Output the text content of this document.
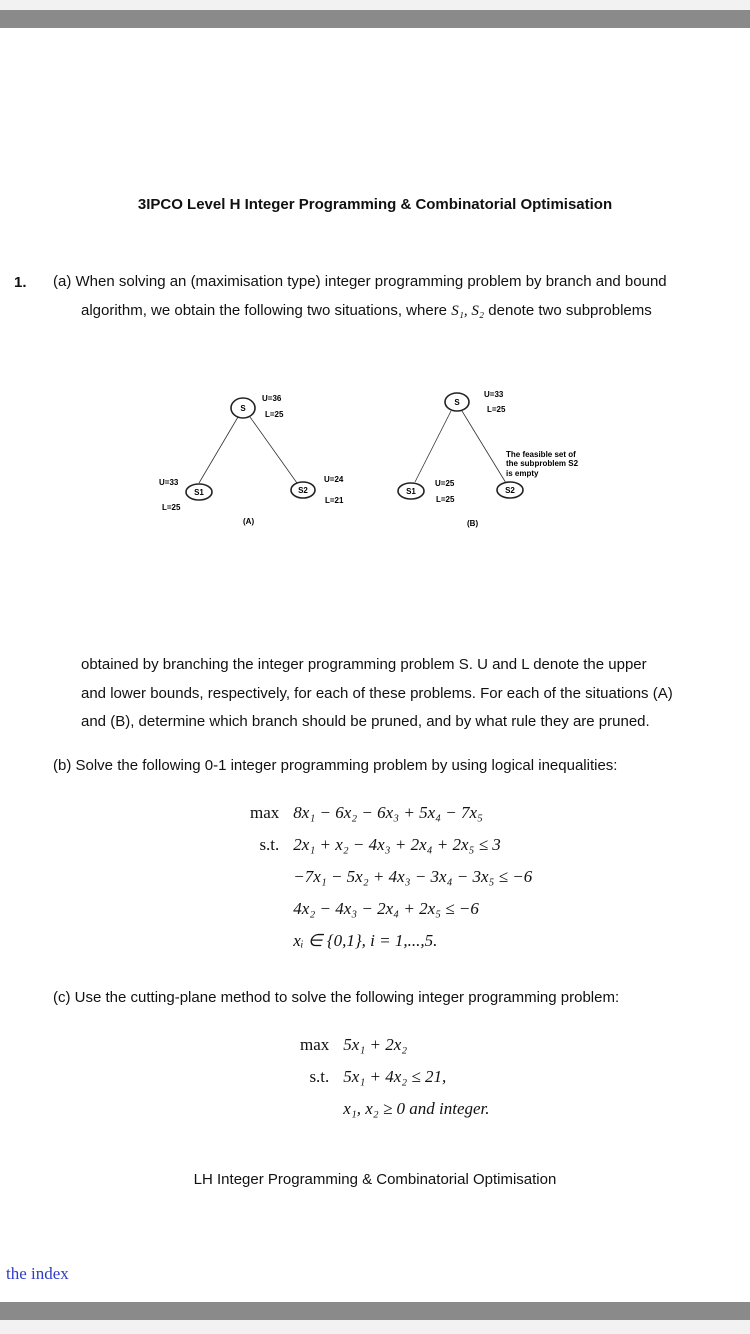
3IPCO Level H Integer Programming & Combinatorial Optimisation
1. (a) When solving an (maximisation type) integer programming problem by branch and bound
algorithm, we obtain the following two situations, where S₁, S₂ denote two subproblems
S
U=36
L=25
S1
U=33
L=25
S2
U=24
L=21
(A)
S
U=33
L=25
S1
U=25
L=25
S2
The feasible set of
the subproblem S2
is empty
(B)
obtained by branching the integer programming problem S. U and L denote the upper
and lower bounds, respectively, for each of these problems. For each of the situations (A)
and (B), determine which branch should be pruned, and by what rule they are pruned.
(b) Solve the following 0-1 integer programming problem by using logical inequalities:
max	8x₁ − 6x₂ − 6x₃ + 5x₄ − 7x₅
s.t.	2x₁ + x₂ − 4x₃ + 2x₄ + 2x₅ ≤ 3
	−7x₁ − 5x₂ + 4x₃ − 3x₄ − 3x₅ ≤ −6
	4x₂ − 4x₃ − 2x₄ + 2x₅ ≤ −6
	xᵢ ∈ {0,1}, i = 1,...,5.
(c) Use the cutting-plane method to solve the following integer programming problem:
max	5x₁ + 2x₂
s.t.	5x₁ + 4x₂ ≤ 21,
	x₁, x₂ ≥ 0 and integer.
LH Integer Programming & Combinatorial Optimisation
the index
